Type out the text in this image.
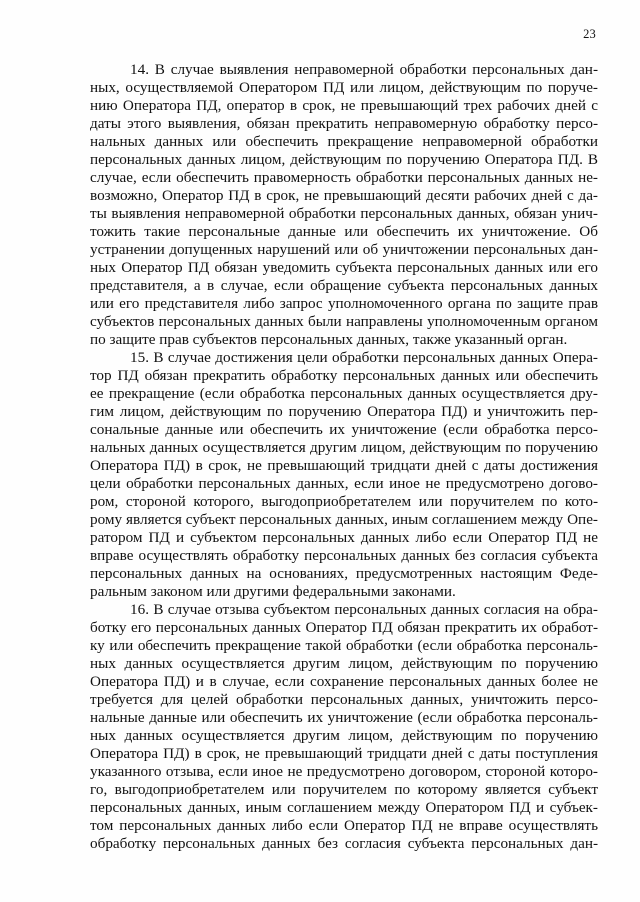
23
14. В случае выявления неправомерной обработки персональных дан-
ных, осуществляемой Оператором ПД или лицом, действующим по поруче-
нию Оператора ПД, оператор в срок, не превышающий трех рабочих дней с
даты этого выявления, обязан прекратить неправомерную обработку персо-
нальных данных или обеспечить прекращение неправомерной обработки
персональных данных лицом, действующим по поручению Оператора ПД. В
случае, если обеспечить правомерность обработки персональных данных не-
возможно, Оператор ПД в срок, не превышающий десяти рабочих дней с да-
ты выявления неправомерной обработки персональных данных, обязан унич-
тожить такие персональные данные или обеспечить их уничтожение. Об
устранении допущенных нарушений или об уничтожении персональных дан-
ных Оператор ПД обязан уведомить субъекта персональных данных или его
представителя, а в случае, если обращение субъекта персональных данных
или его представителя либо запрос уполномоченного органа по защите прав
субъектов персональных данных были направлены уполномоченным органом
по защите прав субъектов персональных данных, также указанный орган.
15. В случае достижения цели обработки персональных данных Опера-
тор ПД обязан прекратить обработку персональных данных или обеспечить
ее прекращение (если обработка персональных данных осуществляется дру-
гим лицом, действующим по поручению Оператора ПД) и уничтожить пер-
сональные данные или обеспечить их уничтожение (если обработка персо-
нальных данных осуществляется другим лицом, действующим по поручению
Оператора ПД) в срок, не превышающий тридцати дней с даты достижения
цели обработки персональных данных, если иное не предусмотрено догово-
ром, стороной которого, выгодоприобретателем или поручителем по кото-
рому является субъект персональных данных, иным соглашением между Опе-
ратором ПД и субъектом персональных данных либо если Оператор ПД не
вправе осуществлять обработку персональных данных без согласия субъекта
персональных данных на основаниях, предусмотренных настоящим Феде-
ральным законом или другими федеральными законами.
16. В случае отзыва субъектом персональных данных согласия на обра-
ботку его персональных данных Оператор ПД обязан прекратить их обработ-
ку или обеспечить прекращение такой обработки (если обработка персональ-
ных данных осуществляется другим лицом, действующим по поручению
Оператора ПД) и в случае, если сохранение персональных данных более не
требуется для целей обработки персональных данных, уничтожить персо-
нальные данные или обеспечить их уничтожение (если обработка персональ-
ных данных осуществляется другим лицом, действующим по поручению
Оператора ПД) в срок, не превышающий тридцати дней с даты поступления
указанного отзыва, если иное не предусмотрено договором, стороной которо-
го, выгодоприобретателем или поручителем по которому является субъект
персональных данных, иным соглашением между Оператором ПД и субъек-
том персональных данных либо если Оператор ПД не вправе осуществлять
обработку персональных данных без согласия субъекта персональных дан-
